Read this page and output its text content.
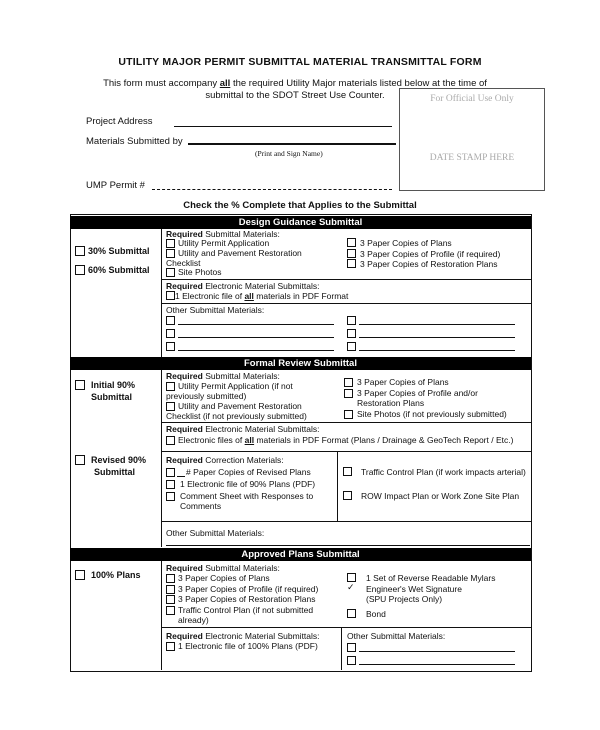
UTILITY MAJOR PERMIT SUBMITTAL MATERIAL TRANSMITTAL FORM
This form must accompany all the required Utility Major materials listed below at the time of
submittal to the SDOT Street Use Counter.
Project Address
Materials Submitted by
(Print and Sign Name)
UMP Permit #
For Official Use Only
DATE STAMP HERE
Check the % Complete that Applies to the Submittal
Design Guidance Submittal
30% Submittal
60% Submittal
Required Submittal Materials:
Utility Permit Application
Utility and Pavement Restoration
Checklist
Site Photos
3 Paper Copies of Plans
3 Paper Copies of Profile (if required)
3 Paper Copies of Restoration Plans
Required Electronic Material Submittals:
1 Electronic file of all materials in PDF Format
Other Submittal Materials:
Formal Review Submittal
Initial 90%
Submittal
Revised 90%
Submittal
Required Submittal Materials:
Utility Permit Application (if not
previously submitted)
Utility and Pavement Restoration
Checklist (if not previously submitted)
3 Paper Copies of Plans
3 Paper Copies of Profile and/or
Restoration Plans
Site Photos (if not previously submitted)
Required Electronic Material Submittals:
Electronic files of all materials in PDF Format (Plans / Drainage & GeoTech Report / Etc.)
Required Correction Materials:
# Paper Copies of Revised Plans
1 Electronic file of 90% Plans (PDF)
Comment Sheet with Responses to
Comments
Traffic Control Plan (if work impacts arterial)
ROW Impact Plan or Work Zone Site Plan
Other Submittal Materials:
Approved Plans Submittal
100% Plans
Required Submittal Materials:
3 Paper Copies of Plans
3 Paper Copies of Profile (if required)
3 Paper Copies of Restoration Plans
Traffic Control Plan (if not submitted
already)
1 Set of Reverse Readable Mylars
✓ Engineer's Wet Signature
(SPU Projects Only)
Bond
Required Electronic Material Submittals:
1 Electronic file of 100% Plans (PDF)
Other Submittal Materials:
